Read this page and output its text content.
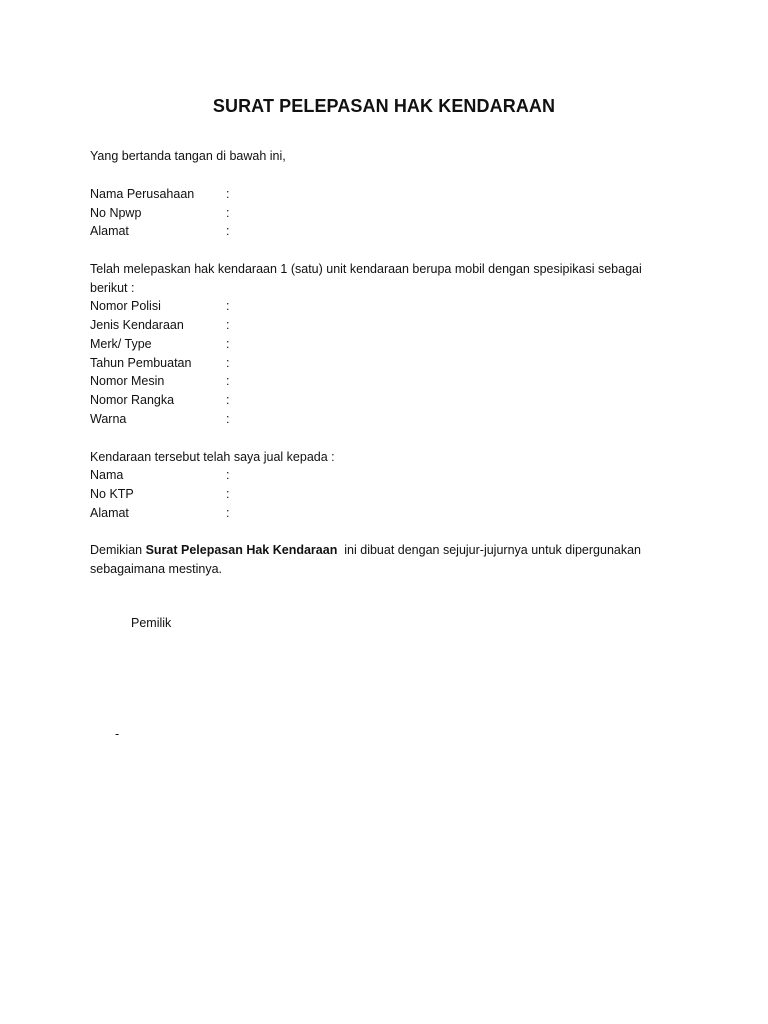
SURAT PELEPASAN HAK KENDARAAN
Yang bertanda tangan di bawah ini,
Nama Perusahaan	:
No Npwp	:
Alamat	:
Telah melepaskan hak kendaraan 1 (satu) unit kendaraan berupa mobil dengan spesipikasi sebagai
berikut :
Nomor Polisi	:
Jenis Kendaraan	:
Merk/ Type	:
Tahun Pembuatan	:
Nomor Mesin	:
Nomor Rangka	:
Warna	:
Kendaraan tersebut telah saya jual kepada :
Nama	:
No KTP	:
Alamat	:
Demikian Surat Pelepasan Hak Kendaraan  ini dibuat dengan sejujur-jujurnya untuk dipergunakan
sebagaimana mestinya.
Pemilik
-
